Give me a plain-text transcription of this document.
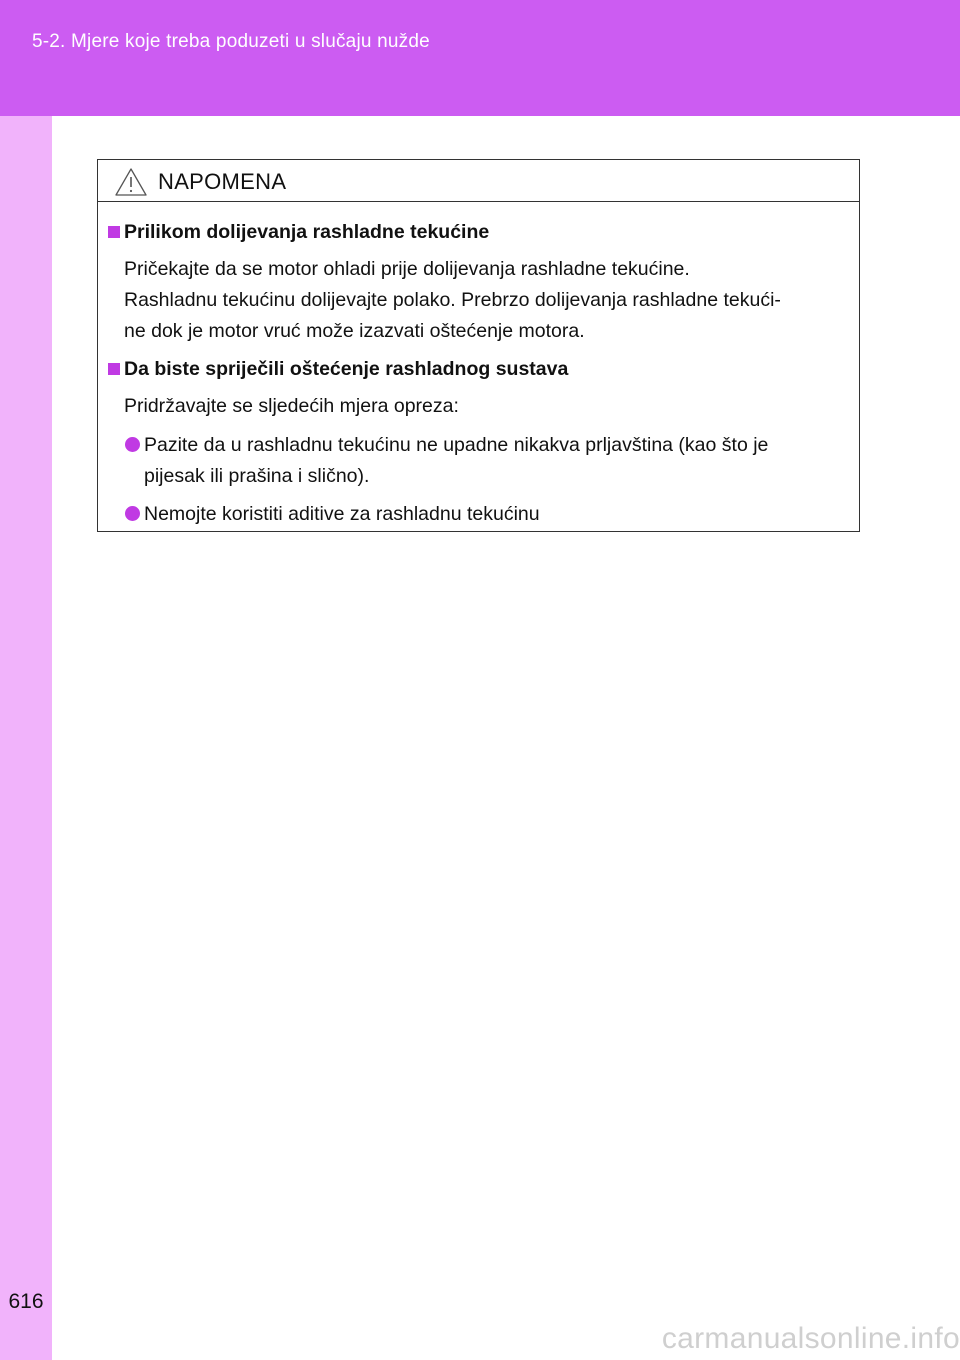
5-2. Mjere koje treba poduzeti u slučaju nužde
616
NAPOMENA
Prilikom dolijevanja rashladne tekućine
Pričekajte da se motor ohladi prije dolijevanja rashladne tekućine.
Rashladnu tekućinu dolijevajte polako. Prebrzo dolijevanja rashladne tekući-
ne dok je motor vruć može izazvati oštećenje motora.
Da biste spriječili oštećenje rashladnog sustava
Pridržavajte se sljedećih mjera opreza:
Pazite da u rashladnu tekućinu ne upadne nikakva prljavština (kao što je
pijesak ili prašina i slično).
Nemojte koristiti aditive za rashladnu tekućinu
carmanualsonline.info
